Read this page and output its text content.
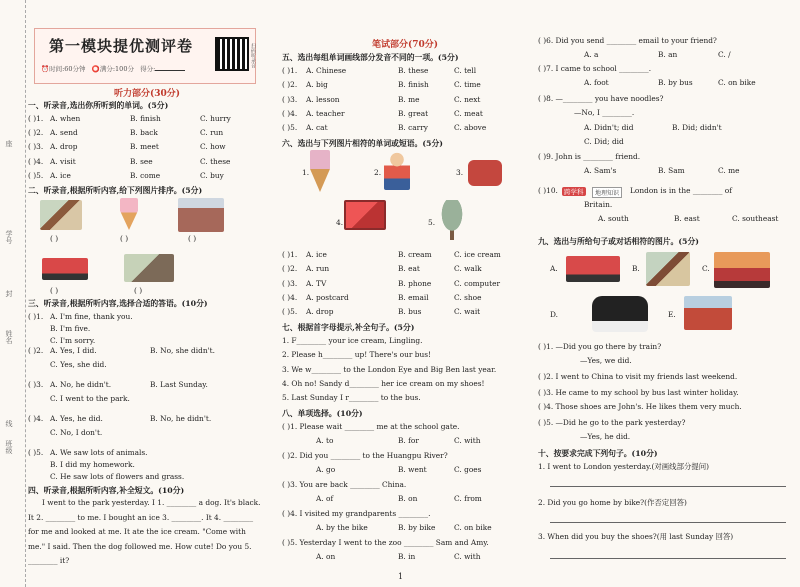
座
学号
封
姓名
线
班级
第一模块提优测评卷
⏰时间:60分钟 ⭕满分:100分 得分:
扫码听录音
听力部分(30分)
一、听录音,选出你所听到的单词。(5分)
( )1. A. when	B. finish	C. hurry
( )2. A. send	B. back	C. run
( )3. A. drop	B. meet	C. how
( )4. A. visit	B. see	C. these
( )5. A. ice	B. come	C. buy
二、听录音,根据所听内容,给下列图片排序。(5分)
( )	( )	( )
( )	( )
三、听录音,根据所听内容,选择合适的答语。(10分)
( )1. A. I'm fine, thank you.
B. I'm five.
C. I'm sorry.
( )2. A. Yes, I did.	B. No, she didn't.
C. Yes, she did.
( )3. A. No, he didn't.	B. Last Sunday.
C. I went to the park.
( )4. A. Yes, he did.	B. No, he didn't.
C. No, I don't.
( )5. A. We saw lots of animals.
B. I did my homework.
C. He saw lots of flowers and grass.
四、听录音,根据所听内容,补全短文。(10分)
I went to the park yesterday. I 1. ________ a dog. It's black. It 2. ________ to me. I bought an ice 3. ________. It 4. ________ for me and looked at me. It ate the ice cream. "Come with me." I said. Then the dog followed me. How cute! Do you 5. ________ it?
笔试部分(70分)
五、选出每组单词画线部分发音不同的一项。(5分)
( )1. A. Chinese	B. these	C. tell
( )2. A. big	B. finish	C. time
( )3. A. lesson	B. me	C. next
( )4. A. teacher	B. great	C. meat
( )5. A. cat	B. carry	C. above
六、选出与下列图片相符的单词或短语。(5分)
1.	2.	3.
4.	5.
( )1. A. ice	B. cream	C. ice cream
( )2. A. run	B. eat	C. walk
( )3. A. TV	B. phone	C. computer
( )4. A. postcard	B. email	C. shoe
( )5. A. drop	B. bus	C. wait
七、根据首字母提示,补全句子。(5分)
1. F________ your ice cream, Lingling.
2. Please h________ up! There's our bus!
3. We w________ to the London Eye and Big Ben last year.
4. Oh no! Sandy d________ her ice cream on my shoes!
5. Last Sunday I r________ to the bus.
八、单项选择。(10分)
( )1. Please wait ________ me at the school gate.
A. to	B. for	C. with
( )2. Did you ________ to the Huangpu River?
A. go	B. went	C. goes
( )3. You are back ________ China.
A. of	B. on	C. from
( )4. I visited my grandparents ________.
A. by the bike	B. by bike	C. on bike
( )5. Yesterday I went to the zoo ________ Sam and Amy.
A. on	B. in	C. with
( )6. Did you send ________ email to your friend?
A. a	B. an	C. /
( )7. I came to school ________.
A. foot	B. by bus	C. on bike
( )8. —________ you have noodles?
—No, I ________.
A. Didn't; did	B. Did; didn't
C. Did; did
( )9. John is ________ friend.
A. Sam's	B. Sam	C. me
( )10. 跨学科	地理知识	London is in the ________ of
Britain.
A. south	B. east	C. southeast
九、选出与所给句子或对话相符的图片。(5分)
A.	B.	C.
D.	E.
( )1. —Did you go there by train?
—Yes, we did.
( )2. I went to China to visit my friends last weekend.
( )3. He came to my school by bus last winter holiday.
( )4. Those shoes are John's. He likes them very much.
( )5. —Did he go to the park yesterday?
—Yes, he did.
十、按要求完成下列句子。(10分)
1. I went to London yesterday.(对画线部分提问)
2. Did you go home by bike?(作否定回答)
3. When did you buy the shoes?(用 last Sunday 回答)
1
